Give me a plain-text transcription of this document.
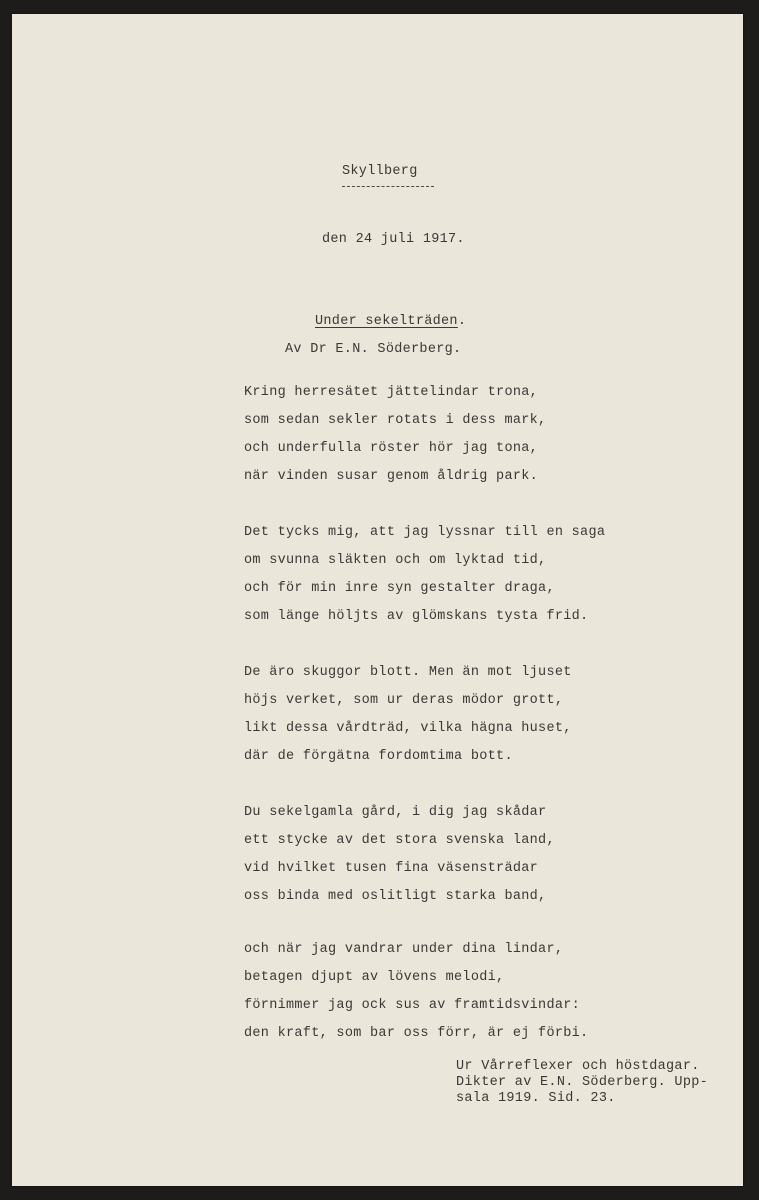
Skyllberg
den 24 juli 1917.
Under sekelträden.
Av Dr E.N. Söderberg.
Kring herresätet jättelindar trona,
som sedan sekler rotats i dess mark,
och underfulla röster hör jag tona,
när vinden susar genom åldrig park.
Det tycks mig, att jag lyssnar till en saga
om svunna släkten och om lyktad tid,
och för min inre syn gestalter draga,
som länge höljts av glömskans tysta frid.
De äro skuggor blott. Men än mot ljuset
höjs verket, som ur deras mödor grott,
likt dessa vårdträd, vilka hägna huset,
där de förgätna fordomtima bott.
Du sekelgamla gård, i dig jag skådar
ett stycke av det stora svenska land,
vid hvilket tusen fina väsensträdar
oss binda med oslitligt starka band,
och när jag vandrar under dina lindar,
betagen djupt av lövens melodi,
förnimmer jag ock sus av framtidsvindar:
den kraft, som bar oss förr, är ej förbi.
Ur Vårreflexer och höstdagar.
Dikter av E.N. Söderberg. Upp-
sala 1919. Sid. 23.
